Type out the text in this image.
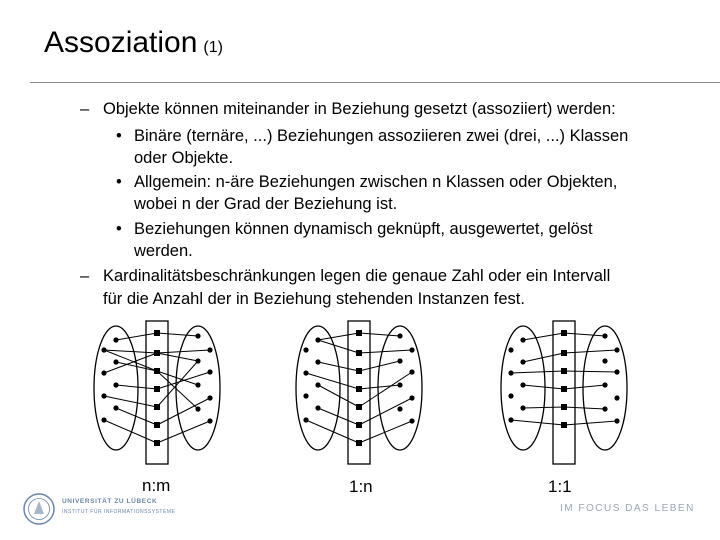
Assoziation (1)
– Objekte können miteinander in Beziehung gesetzt (assoziiert) werden:
• Binäre (ternäre, ...) Beziehungen assoziieren zwei (drei, ...) Klassen
oder Objekte.
• Allgemein: n-äre Beziehungen zwischen n Klassen oder Objekten,
wobei n der Grad der Beziehung ist.
• Beziehungen können dynamisch geknüpft, ausgewertet, gelöst
werden.
– Kardinalitätsbeschränkungen legen die genaue Zahl oder ein Intervall
für die Anzahl der in Beziehung stehenden Instanzen fest.
n:m	1:n	1:1
UNIVERSITÄT ZU LÜBECK
INSTITUT FÜR INFORMATIONSSYSTEME	IM FOCUS DAS LEBEN
